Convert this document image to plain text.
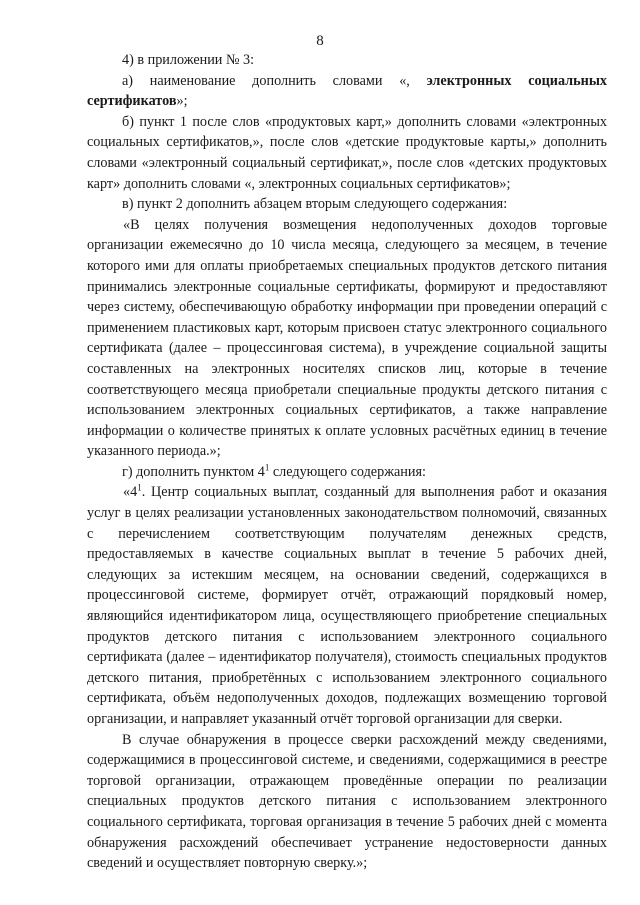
8

4) в приложении № 3:

а) наименование дополнить словами «, электронных социальных сертификатов»;

б) пункт 1 после слов «продуктовых карт,» дополнить словами «электронных социальных сертификатов,», после слов «детские продуктовые карты,» дополнить словами «электронный социальный сертификат,», после слов «детских продуктовых карт» дополнить словами «, электронных социальных сертификатов»;

в) пункт 2 дополнить абзацем вторым следующего содержания:

«В целях получения возмещения недополученных доходов торговые организации ежемесячно до 10 числа месяца, следующего за месяцем, в течение которого ими для оплаты приобретаемых специальных продуктов детского питания принимались электронные социальные сертификаты, формируют и предоставляют через систему, обеспечивающую обработку информации при проведении операций с применением пластиковых карт, которым присвоен статус электронного социального сертификата (далее – процессинговая система), в учреждение социальной защиты составленных на электронных носителях списков лиц, которые в течение соответствующего месяца приобретали специальные продукты детского питания с использованием электронных социальных сертификатов, а также направление информации о количестве принятых к оплате условных расчётных единиц в течение указанного периода.»;

г) дополнить пунктом $4^1$ следующего содержания:

«$4^1$. Центр социальных выплат, созданный для выполнения работ и оказания услуг в целях реализации установленных законодательством полномочий, связанных с перечислением соответствующим получателям денежных средств, предоставляемых в качестве социальных выплат в течение 5 рабочих дней, следующих за истекшим месяцем, на основании сведений, содержащихся в процессинговой системе, формирует отчёт, отражающий порядковый номер, являющийся идентификатором лица, осуществляющего приобретение специальных продуктов детского питания с использованием электронного социального сертификата (далее – идентификатор получателя), стоимость специальных продуктов детского питания, приобретённых с использованием электронного социального сертификата, объём недополученных доходов, подлежащих возмещению торговой организации, и направляет указанный отчёт торговой организации для сверки.

В случае обнаружения в процессе сверки расхождений между сведениями, содержащимися в процессинговой системе, и сведениями, содержащимися в реестре торговой организации, отражающем проведённые операции по реализации специальных продуктов детского питания с использованием электронного социального сертификата, торговая организация в течение 5 рабочих дней с момента обнаружения расхождений обеспечивает устранение недостоверности данных сведений и осуществляет повторную сверку.»;
